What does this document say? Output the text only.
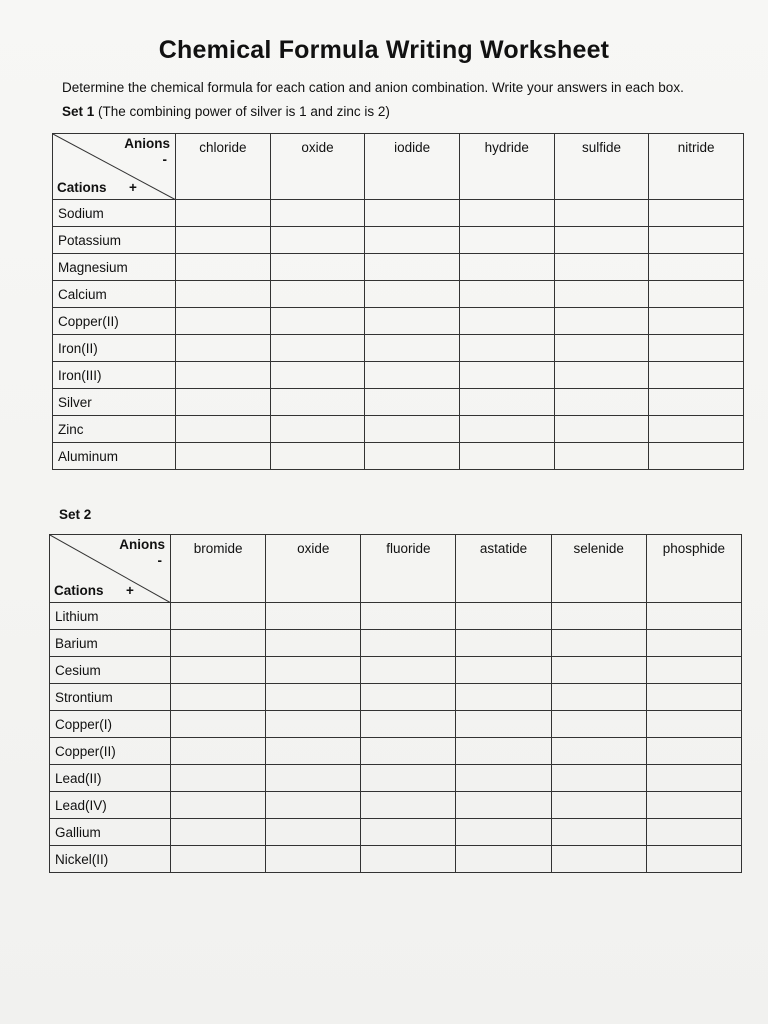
Chemical Formula Writing Worksheet
Determine the chemical formula for each cation and anion combination. Write your answers in each box.
Set 1 (The combining power of silver is 1 and zinc is 2)
Anions
-
Cations +	chloride	oxide	iodide	hydride	sulfide	nitride
Sodium						
Potassium						
Magnesium						
Calcium						
Copper(II)						
Iron(II)						
Iron(III)						
Silver						
Zinc						
Aluminum						
Set 2
Anions
-
Cations +	bromide	oxide	fluoride	astatide	selenide	phosphide
Lithium						
Barium						
Cesium						
Strontium						
Copper(I)						
Copper(II)						
Lead(II)						
Lead(IV)						
Gallium						
Nickel(II)						
